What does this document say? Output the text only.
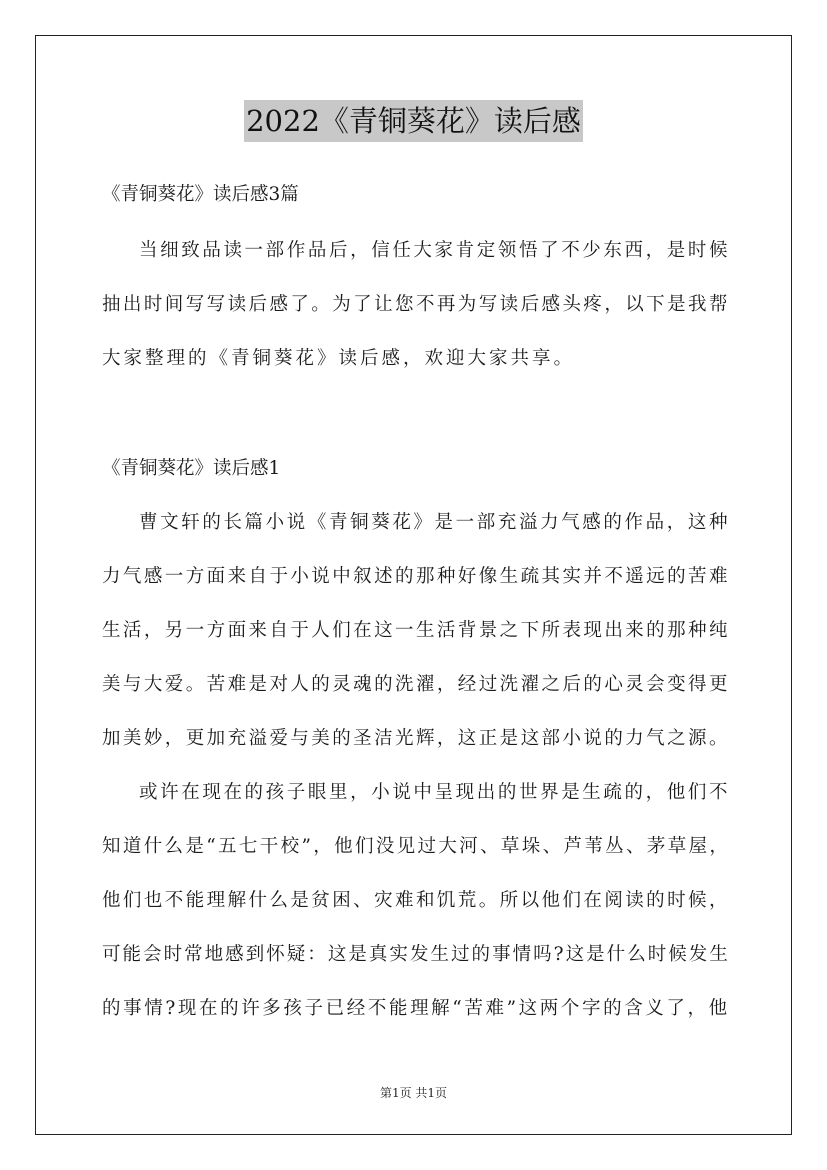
2022《青铜葵花》读后感
《青铜葵花》读后感3篇
当细致品读一部作品后，信任大家肯定领悟了不少东西，是时候
抽出时间写写读后感了。为了让您不再为写读后感头疼，以下是我帮
大家整理的《青铜葵花》读后感，欢迎大家共享。
《青铜葵花》读后感1
曹文轩的长篇小说《青铜葵花》是一部充溢力气感的作品，这种
力气感一方面来自于小说中叙述的那种好像生疏其实并不遥远的苦难
生活，另一方面来自于人们在这一生活背景之下所表现出来的那种纯
美与大爱。苦难是对人的灵魂的洗濯，经过洗濯之后的心灵会变得更
加美妙，更加充溢爱与美的圣洁光辉，这正是这部小说的力气之源。
或许在现在的孩子眼里，小说中呈现出的世界是生疏的，他们不
知道什么是“五七干校”，他们没见过大河、草垛、芦苇丛、茅草屋，
他们也不能理解什么是贫困、灾难和饥荒。所以他们在阅读的时候，
可能会时常地感到怀疑：这是真实发生过的事情吗?这是什么时候发生
的事情?现在的许多孩子已经不能理解“苦难”这两个字的含义了，他
第1页 共1页
